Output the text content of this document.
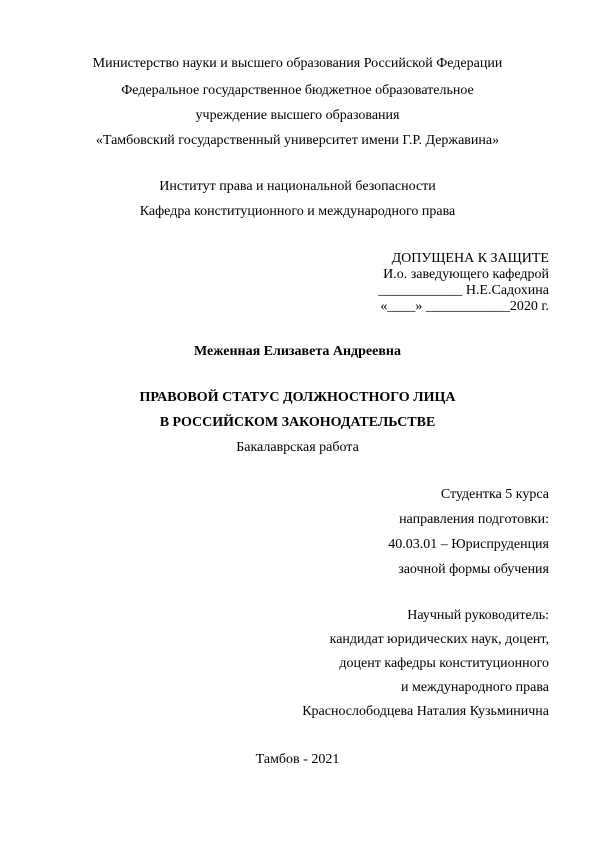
Министерство науки и высшего образования Российской Федерации
Федеральное государственное бюджетное образовательное
учреждение высшего образования
«Тамбовский государственный университет имени Г.Р. Державина»
Институт права и национальной безопасности
Кафедра конституционного и международного права
ДОПУЩЕНА К ЗАЩИТЕ
И.о. заведующего кафедрой
____________ Н.Е.Садохина
«____» ____________2020 г.
Меженная Елизавета Андреевна
ПРАВОВОЙ СТАТУС ДОЛЖНОСТНОГО ЛИЦА
В РОССИЙСКОМ ЗАКОНОДАТЕЛЬСТВЕ
Бакалаврская работа
Студентка 5 курса
направления подготовки:
40.03.01 – Юриспруденция
заочной формы обучения
Научный руководитель:
кандидат юридических наук, доцент,
доцент кафедры конституционного
и международного права
Краснослободцева Наталия Кузьминична
Тамбов - 2021
